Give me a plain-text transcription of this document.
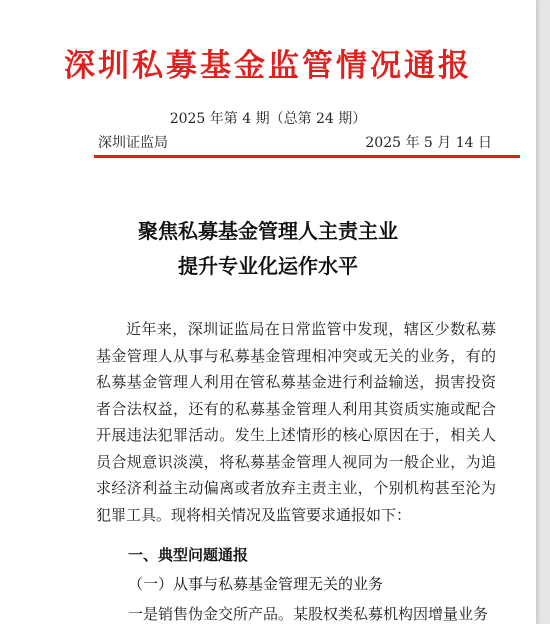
深圳私募基金监管情况通报
2025 年第 4 期（总第 24 期）
深圳证监局	2025 年 5 月 14 日
聚焦私募基金管理人主责主业
提升专业化运作水平
近年来，深圳证监局在日常监管中发现，辖区少数私募基金管理人从事与私募基金管理相冲突或无关的业务，有的私募基金管理人利用在管私募基金进行利益输送，损害投资者合法权益，还有的私募基金管理人利用其资质实施或配合开展违法犯罪活动。发生上述情形的核心原因在于，相关人员合规意识淡漠，将私募基金管理人视同为一般企业，为追求经济利益主动偏离或者放弃主责主业，个别机构甚至沦为犯罪工具。现将相关情况及监管要求通报如下：
一、典型问题通报
（一）从事与私募基金管理无关的业务
一是销售伪金交所产品。某股权类私募机构因增量业务
